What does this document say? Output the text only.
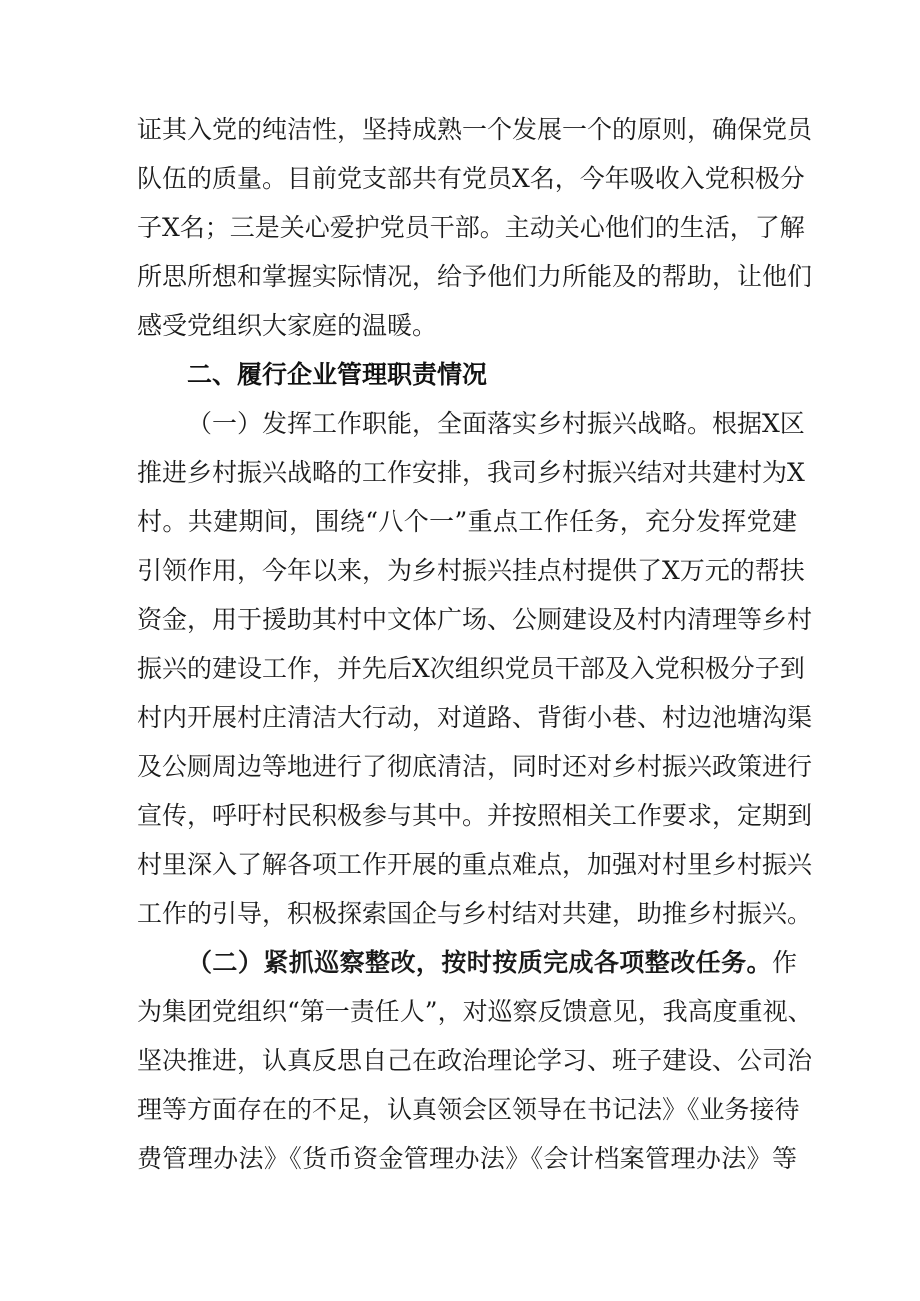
证其入党的纯洁性，坚持成熟一个发展一个的原则，确保党员
队伍的质量。目前党支部共有党员X名，今年吸收入党积极分
子X名；三是关心爱护党员干部。主动关心他们的生活，了解
所思所想和掌握实际情况，给予他们力所能及的帮助，让他们
感受党组织大家庭的温暖。
二、履行企业管理职责情况
（一）发挥工作职能，全面落实乡村振兴战略。根据X区
推进乡村振兴战略的工作安排，我司乡村振兴结对共建村为X
村。共建期间，围绕“八个一”重点工作任务，充分发挥党建
引领作用，今年以来，为乡村振兴挂点村提供了X万元的帮扶
资金，用于援助其村中文体广场、公厕建设及村内清理等乡村
振兴的建设工作，并先后X次组织党员干部及入党积极分子到
村内开展村庄清洁大行动，对道路、背街小巷、村边池塘沟渠
及公厕周边等地进行了彻底清洁，同时还对乡村振兴政策进行
宣传，呼吁村民积极参与其中。并按照相关工作要求，定期到
村里深入了解各项工作开展的重点难点，加强对村里乡村振兴
工作的引导，积极探索国企与乡村结对共建，助推乡村振兴。
（二）紧抓巡察整改，按时按质完成各项整改任务。作
为集团党组织“第一责任人”，对巡察反馈意见，我高度重视、
坚决推进，认真反思自己在政治理论学习、班子建设、公司治
理等方面存在的不足，认真领会区领导在书记法》《业务接待
费管理办法》《货币资金管理办法》《会计档案管理办法》等
